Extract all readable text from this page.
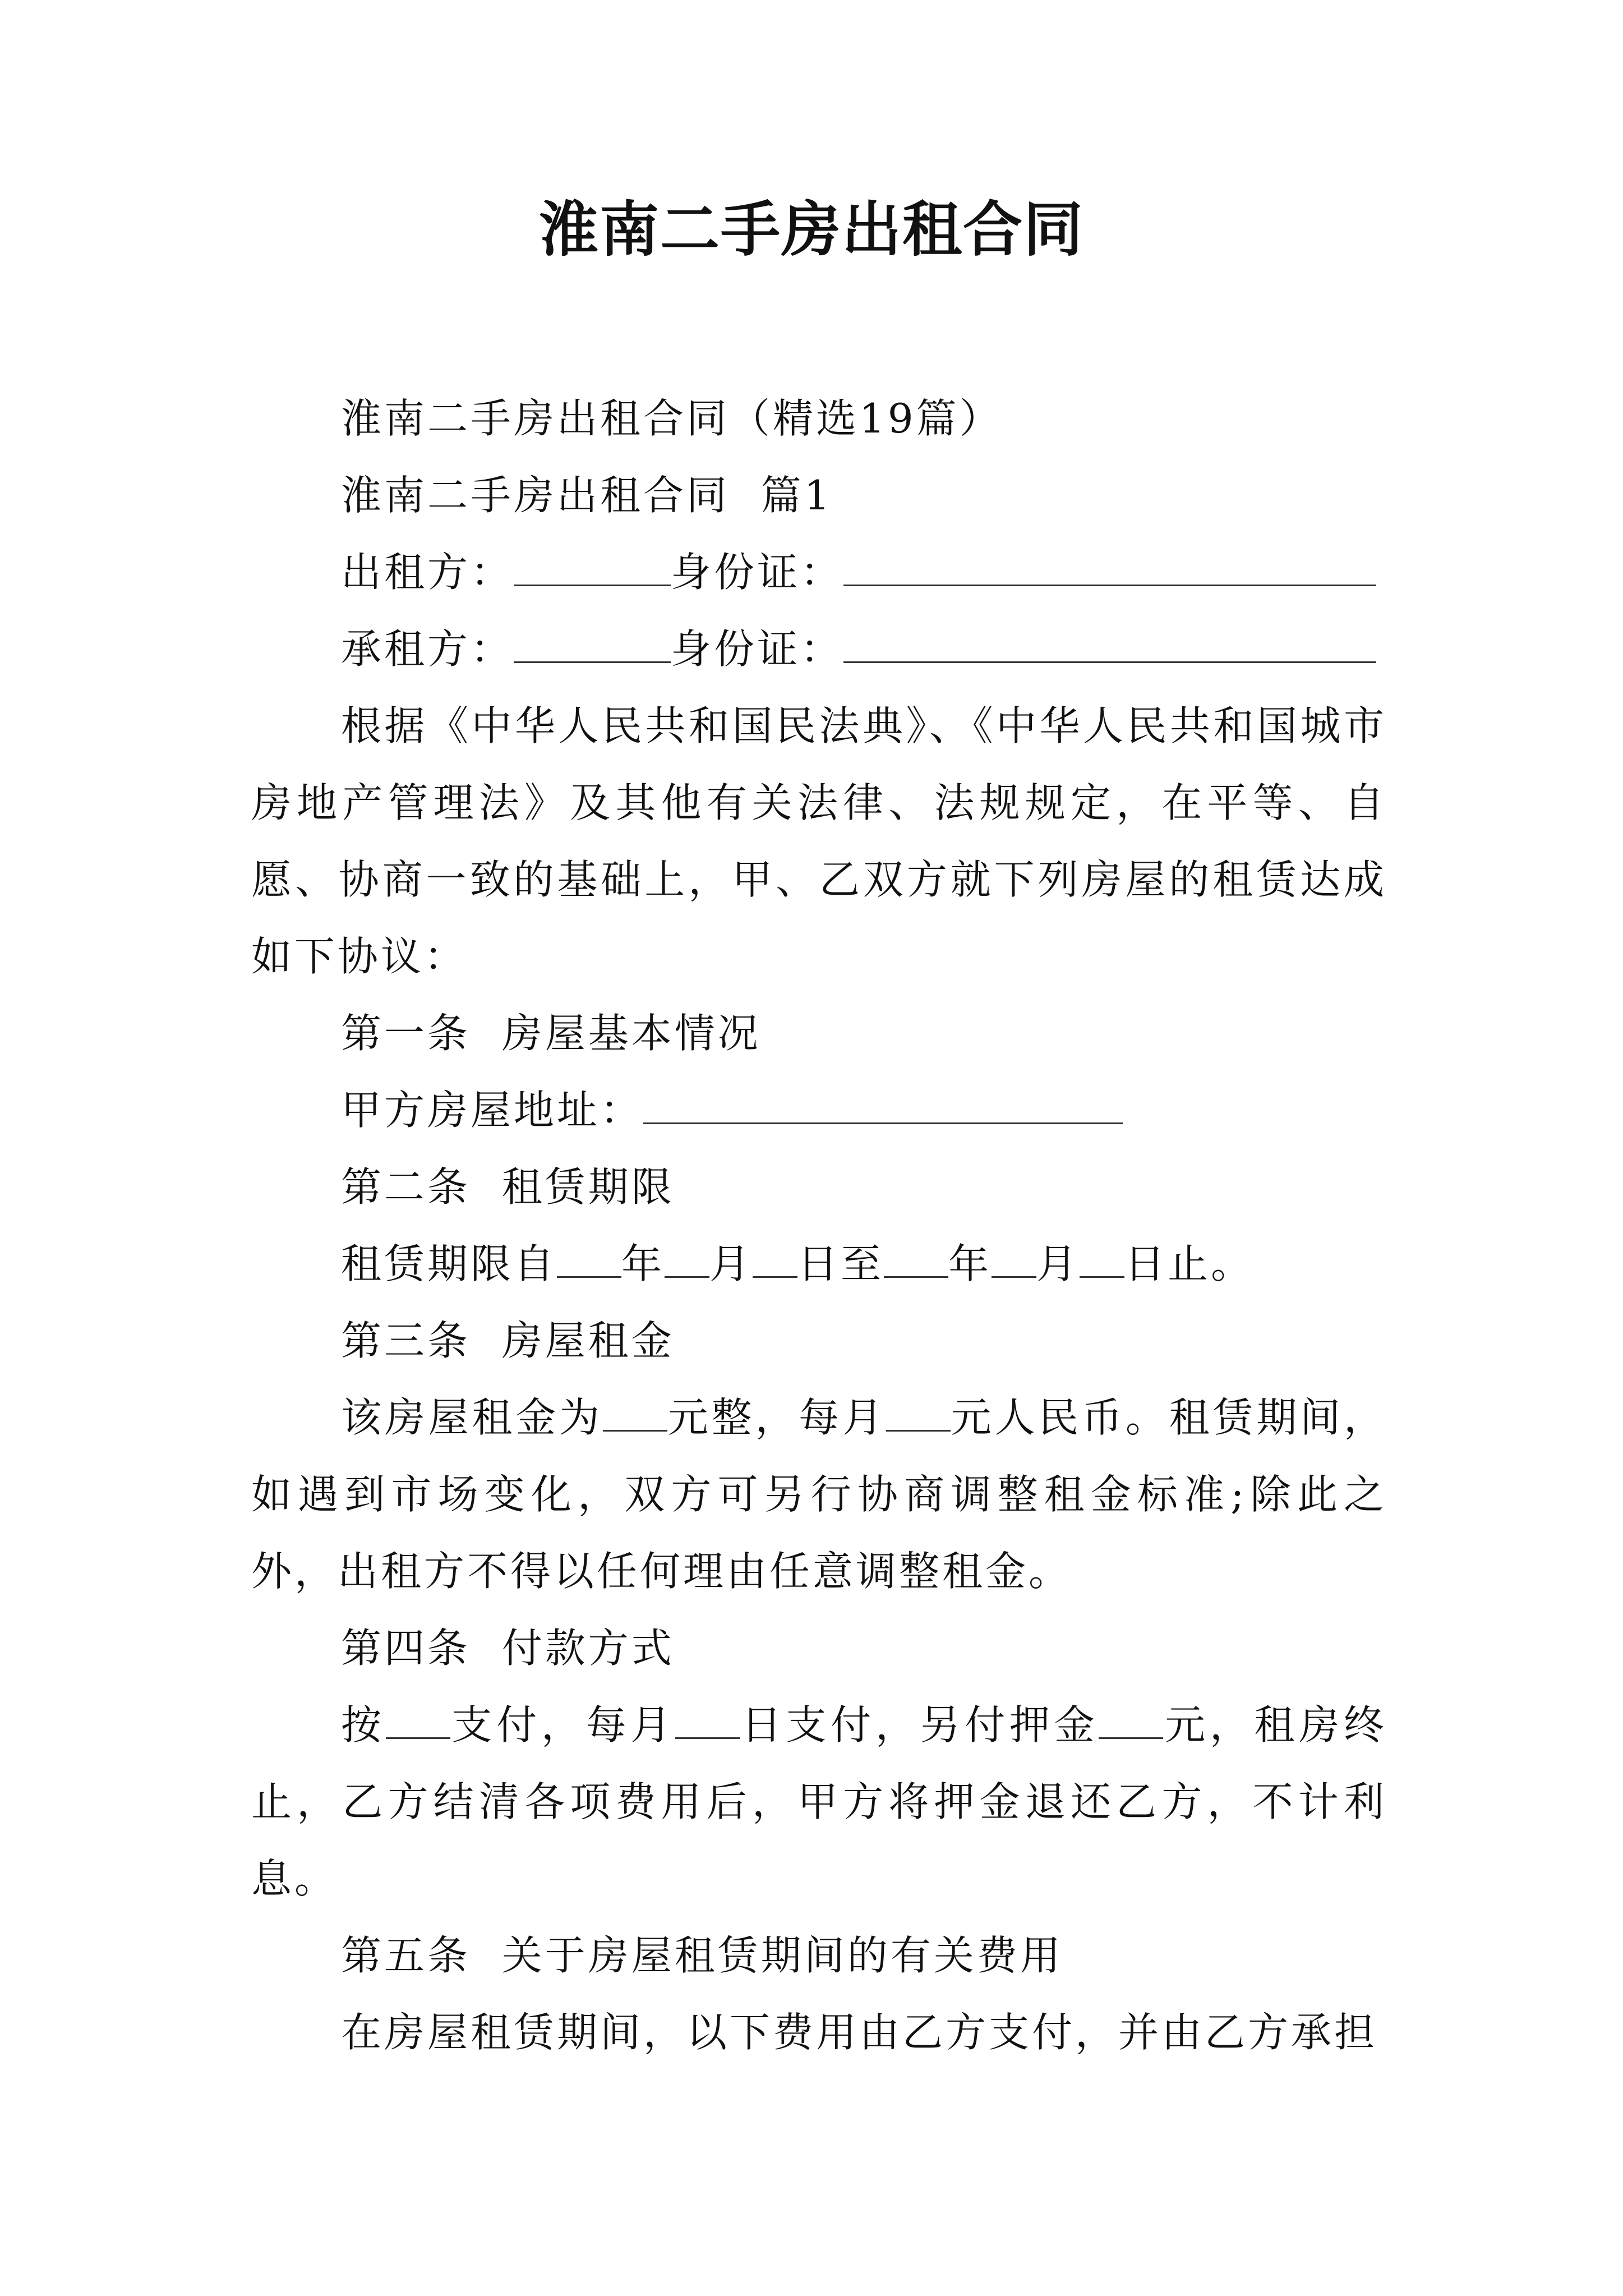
淮南二手房出租合同

淮南二手房出租合同（精选19篇）

淮南二手房出租合同  篇1

出租方：	身份证：

承租方：	身份证：

根据《中华人民共和国民法典》、《中华人民共和国城市房地产管理法》及其他有关法律、法规规定，在平等、自愿、协商一致的基础上，甲、乙双方就下列房屋的租赁达成如下协议：

第一条  房屋基本情况

甲方房屋地址：

第二条  租赁期限

租赁期限自 年 月 日至 年 月 日止。

第三条  房屋租金

该房屋租金为 元整，每月 元人民币。租赁期间，如遇到市场变化，双方可另行协商调整租金标准;除此之外，出租方不得以任何理由任意调整租金。

第四条  付款方式

按 支付，每月 日支付，另付押金 元，租房终止，乙方结清各项费用后，甲方将押金退还乙方，不计利息。

第五条  关于房屋租赁期间的有关费用

在房屋租赁期间，以下费用由乙方支付，并由乙方承担
